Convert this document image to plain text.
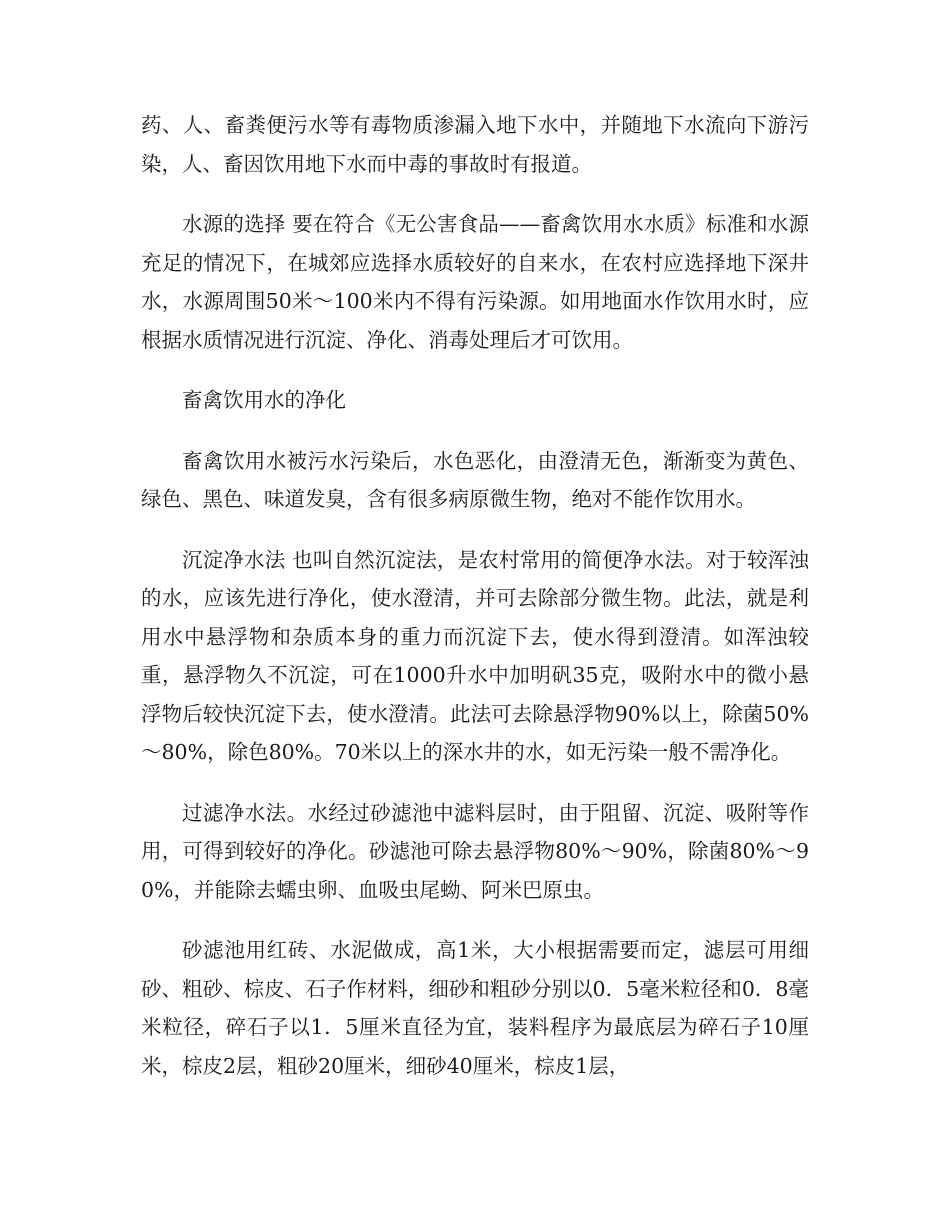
药、人、畜粪便污水等有毒物质渗漏入地下水中，并随地下水流向下游污染，人、畜因饮用地下水而中毒的事故时有报道。

水源的选择 要在符合《无公害食品——畜禽饮用水水质》标准和水源充足的情况下，在城郊应选择水质较好的自来水，在农村应选择地下深井水，水源周围50米～100米内不得有污染源。如用地面水作饮用水时，应根据水质情况进行沉淀、净化、消毒处理后才可饮用。

畜禽饮用水的净化

畜禽饮用水被污水污染后，水色恶化，由澄清无色，渐渐变为黄色、绿色、黑色、味道发臭，含有很多病原微生物，绝对不能作饮用水。

沉淀净水法 也叫自然沉淀法，是农村常用的简便净水法。对于较浑浊的水，应该先进行净化，使水澄清，并可去除部分微生物。此法，就是利用水中悬浮物和杂质本身的重力而沉淀下去，使水得到澄清。如浑浊较重，悬浮物久不沉淀，可在1000升水中加明矾35克，吸附水中的微小悬浮物后较快沉淀下去，使水澄清。此法可去除悬浮物90%以上，除菌50%～80%，除色80%。70米以上的深水井的水，如无污染一般不需净化。

过滤净水法。水经过砂滤池中滤料层时，由于阻留、沉淀、吸附等作用，可得到较好的净化。砂滤池可除去悬浮物80%～90%，除菌80%～90%，并能除去蠕虫卵、血吸虫尾蚴、阿米巴原虫。

砂滤池用红砖、水泥做成，高1米，大小根据需要而定，滤层可用细砂、粗砂、棕皮、石子作材料，细砂和粗砂分别以0．5毫米粒径和0．8毫米粒径，碎石子以1．5厘米直径为宜，装料程序为最底层为碎石子10厘米，棕皮2层，粗砂20厘米，细砂40厘米，棕皮1层，
